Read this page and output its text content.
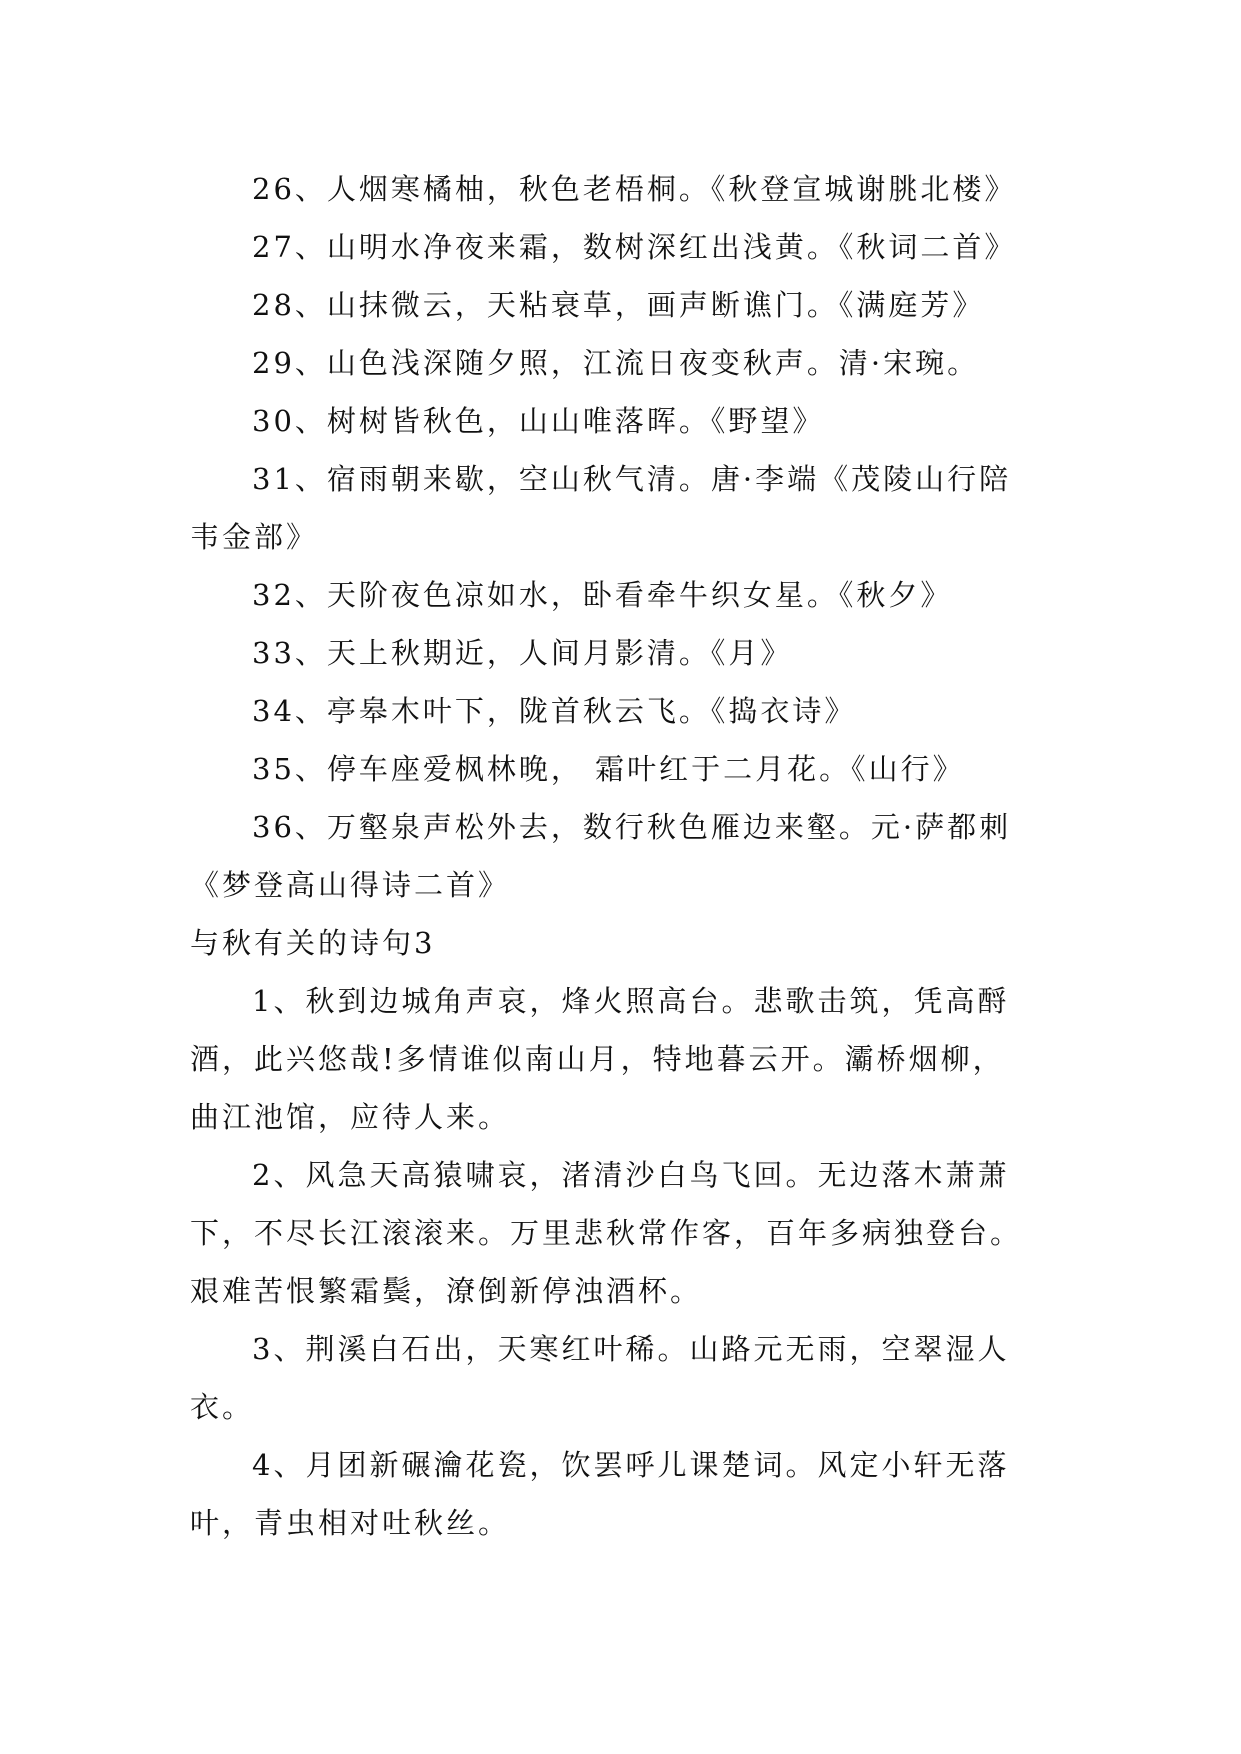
26、人烟寒橘柚，秋色老梧桐。《秋登宣城谢朓北楼》
27、山明水净夜来霜，数树深红出浅黄。《秋词二首》
28、山抹微云，天粘衰草，画声断谯门。《满庭芳》
29、山色浅深随夕照，江流日夜变秋声。清·宋琬。
30、树树皆秋色，山山唯落晖。《野望》
31、宿雨朝来歇，空山秋气清。唐·李端《茂陵山行陪
韦金部》
32、天阶夜色凉如水，卧看牵牛织女星。《秋夕》
33、天上秋期近，人间月影清。《月》
34、亭皋木叶下，陇首秋云飞。《捣衣诗》
35、停车座爱枫林晚， 霜叶红于二月花。《山行》
36、万壑泉声松外去，数行秋色雁边来壑。元·萨都刺
《梦登高山得诗二首》
与秋有关的诗句3
1、秋到边城角声哀，烽火照高台。悲歌击筑，凭高酹
酒，此兴悠哉!多情谁似南山月，特地暮云开。灞桥烟柳，
曲江池馆，应待人来。
2、风急天高猿啸哀，渚清沙白鸟飞回。无边落木萧萧
下，不尽长江滚滚来。万里悲秋常作客，百年多病独登台。
艰难苦恨繁霜鬓，潦倒新停浊酒杯。
3、荆溪白石出，天寒红叶稀。山路元无雨，空翠湿人
衣。
4、月团新碾瀹花瓷，饮罢呼儿课楚词。风定小轩无落
叶，青虫相对吐秋丝。
